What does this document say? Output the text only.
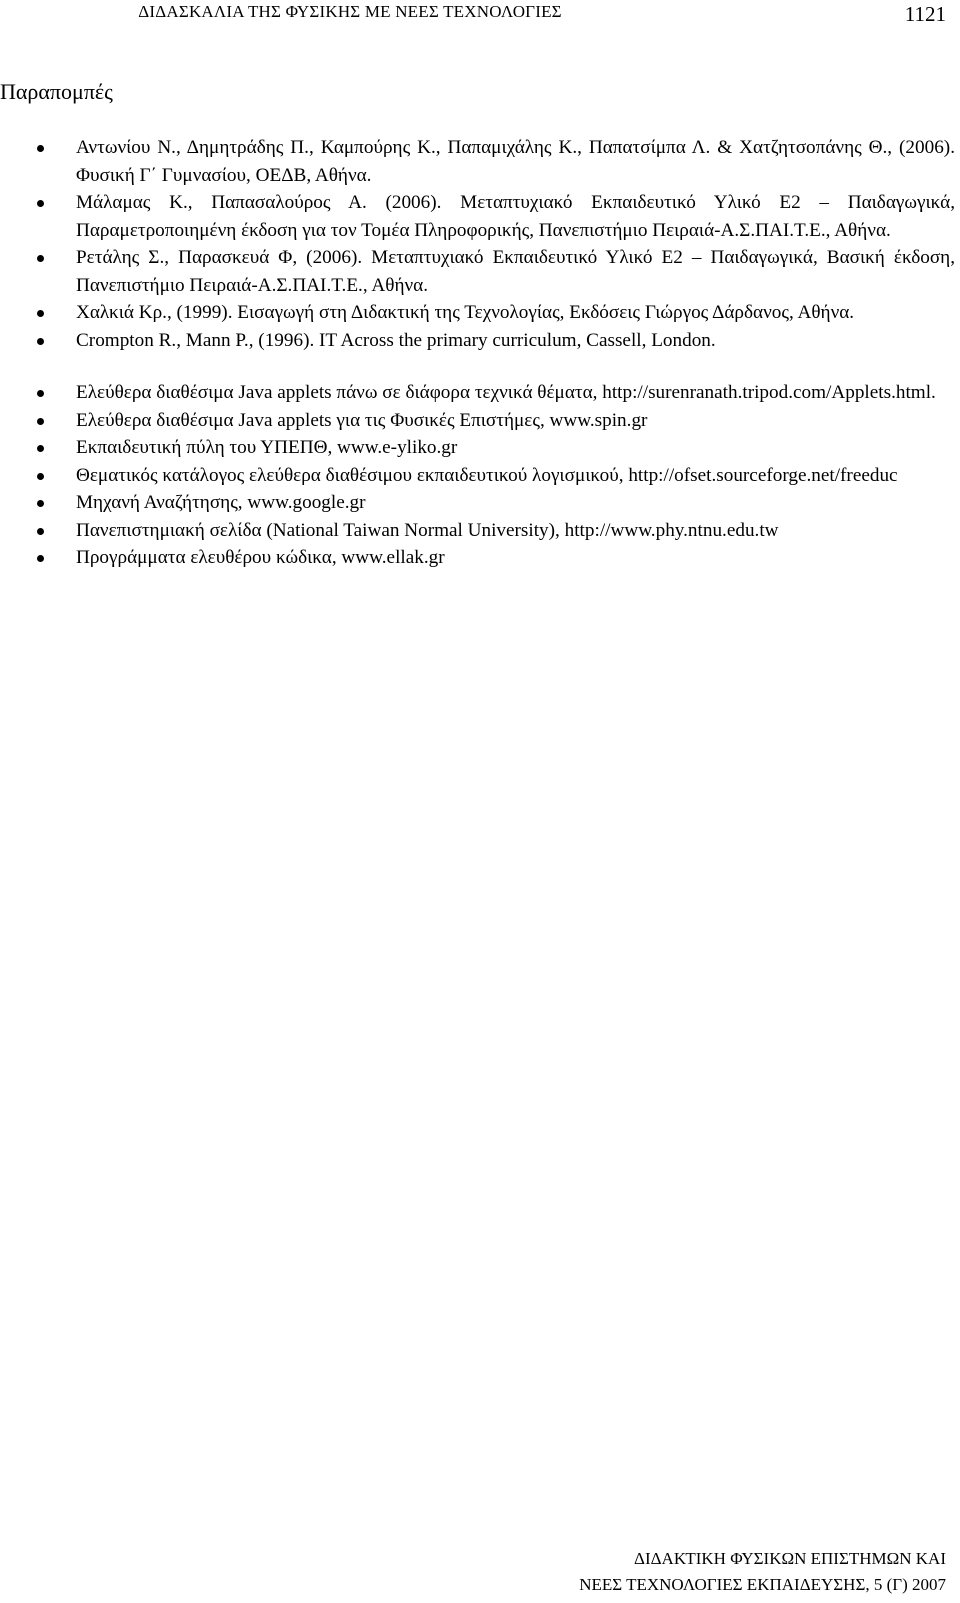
ΔΙΔΑΣΚΑΛΙΑ ΤΗΣ ΦΥΣΙΚΗΣ ΜΕ ΝΕΕΣ ΤΕΧΝΟΛΟΓΙΕΣ	1121
Παραπομπές
Αντωνίου Ν., Δημητράδης Π., Καμπούρης Κ., Παπαμιχάλης Κ., Παπατσίμπα Λ. & Χατζητσοπάνης Θ., (2006). Φυσική Γ΄ Γυμνασίου, ΟΕΔΒ, Αθήνα.
Μάλαμας Κ., Παπασαλούρος Α. (2006). Μεταπτυχιακό Εκπαιδευτικό Υλικό Ε2 – Παιδαγωγικά, Παραμετροποιημένη έκδοση για τον Τομέα Πληροφορικής, Πανεπιστήμιο Πειραιά-Α.Σ.ΠΑΙ.Τ.Ε., Αθήνα.
Ρετάλης Σ., Παρασκευά Φ, (2006). Μεταπτυχιακό Εκπαιδευτικό Υλικό Ε2 – Παιδαγωγικά, Βασική έκδοση, Πανεπιστήμιο Πειραιά-Α.Σ.ΠΑΙ.Τ.Ε., Αθήνα.
Χαλκιά Κρ., (1999). Εισαγωγή στη Διδακτική της Τεχνολογίας, Εκδόσεις Γιώργος Δάρδανος, Αθήνα.
Crompton R., Mann P., (1996). IT Across the primary curriculum, Cassell, London.
Ελεύθερα διαθέσιμα Java applets πάνω σε διάφορα τεχνικά θέματα, http://surenranath.tripod.com/Applets.html.
Ελεύθερα διαθέσιμα Java applets για τις Φυσικές Επιστήμες, www.spin.gr
Εκπαιδευτική πύλη του ΥΠΕΠΘ, www.e-yliko.gr
Θεματικός κατάλογος ελεύθερα διαθέσιμου εκπαιδευτικού λογισμικού, http://ofset.sourceforge.net/freeduc
Μηχανή Αναζήτησης, www.google.gr
Πανεπιστημιακή σελίδα (National Taiwan Normal University), http://www.phy.ntnu.edu.tw
Προγράμματα ελευθέρου κώδικα, www.ellak.gr
ΔΙΔΑΚΤΙΚΗ ΦΥΣΙΚΩΝ ΕΠΙΣΤΗΜΩΝ ΚΑΙ
ΝΕΕΣ ΤΕΧΝΟΛΟΓΙΕΣ ΕΚΠΑΙΔΕΥΣΗΣ, 5 (Γ) 2007
